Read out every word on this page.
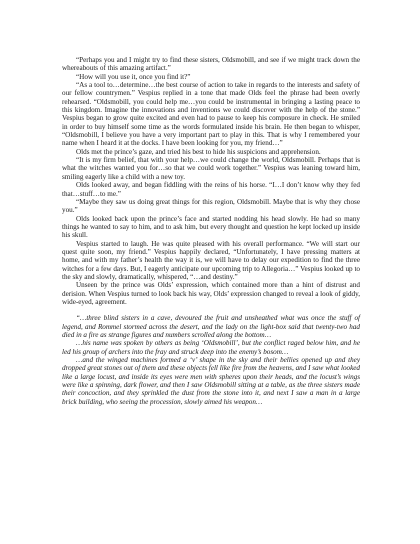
“Perhaps you and I might try to find these sisters, Oldsmobill, and see if we might track down the whereabouts of this amazing artifact.”

“How will you use it, once you find it?”

“As a tool to…determine…the best course of action to take in regards to the interests and safety of our fellow countrymen.” Vespius replied in a tone that made Olds feel the phrase had been overly rehearsed. “Oldsmobill, you could help me…you could be instrumental in bringing a lasting peace to this kingdom. Imagine the innovations and inventions we could discover with the help of the stone.” Vespius began to grow quite excited and even had to pause to keep his composure in check. He smiled in order to buy himself some time as the words formulated inside his brain. He then began to whisper, “Oldsmobill, I believe you have a very important part to play in this. That is why I remembered your name when I heard it at the docks. I have been looking for you, my friend…”

Olds met the prince’s gaze, and tried his best to hide his suspicions and apprehension.

“It is my firm belief, that with your help…we could change the world, Oldsmobill. Perhaps that is what the witches wanted you for…so that we could work together.” Vespius was leaning toward him, smiling eagerly like a child with a new toy.

Olds looked away, and began fiddling with the reins of his horse. “I…I don’t know why they fed that…stuff…to me.”

“Maybe they saw us doing great things for this region, Oldsmobill. Maybe that is why they chose you.”

Olds looked back upon the prince’s face and started nodding his head slowly. He had so many things he wanted to say to him, and to ask him, but every thought and question he kept locked up inside his skull.

Vespius started to laugh. He was quite pleased with his overall performance. “We will start our quest quite soon, my friend.” Vespius happily declared, “Unfortunately, I have pressing matters at home, and with my father’s health the way it is, we will have to delay our expedition to find the three witches for a few days. But, I eagerly anticipate our upcoming trip to Allegoria…” Vespius looked up to the sky and slowly, dramatically, whispered, “…and destiny.”

Unseen by the prince was Olds’ expression, which contained more than a hint of distrust and derision. When Vespius turned to look back his way, Olds’ expression changed to reveal a look of giddy, wide-eyed, agreement.

“…three blind sisters in a cave, devoured the fruit and unsheathed what was once the stuff of legend, and Rommel stormed across the desert, and the lady on the light-box said that twenty-two had died in a fire as strange figures and numbers scrolled along the bottom…

…his name was spoken by others as being ‘Oldsmobill’, but the conflict raged below him, and he led his group of archers into the fray and struck deep into the enemy’s bosom…

…and the winged machines formed a ‘v’ shape in the sky and their bellies opened up and they dropped great stones out of them and these objects fell like fire from the heavens, and I saw what looked like a large locust, and inside its eyes were men with spheres upon their heads, and the locust’s wings were like a spinning, dark flower, and then I saw Oldsmobill sitting at a table, as the three sisters made their concoction, and they sprinkled the dust from the stone into it, and next I saw a man in a large brick building, who seeing the procession, slowly aimed his weapon…
